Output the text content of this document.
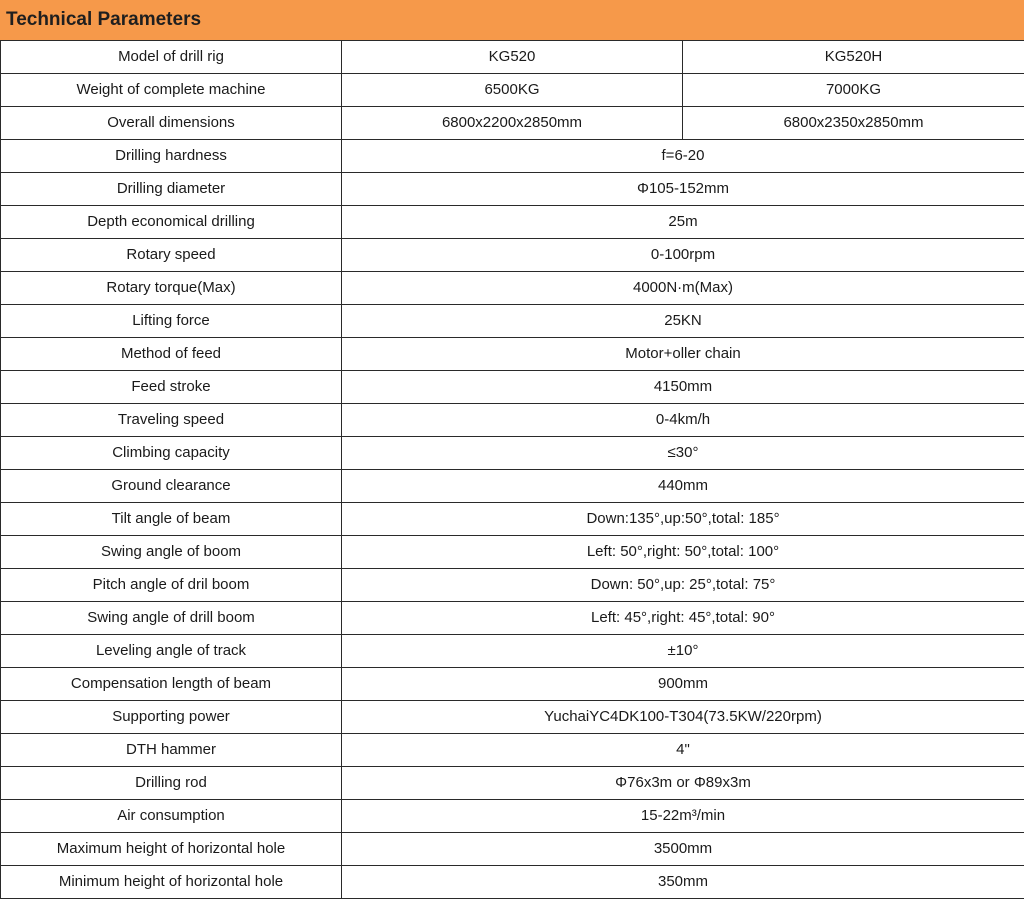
Technical Parameters
Model of drill rig	KG520	KG520H
Weight of complete machine	6500KG	7000KG
Overall dimensions	6800x2200x2850mm	6800x2350x2850mm
Drilling hardness	f=6-20	
Drilling diameter	Φ105-152mm	
Depth economical drilling	25m	
Rotary speed	0-100rpm	
Rotary torque(Max)	4000N·m(Max)	
Lifting force	25KN	
Method of feed	Motor+oller chain	
Feed stroke	4150mm	
Traveling speed	0-4km/h	
Climbing capacity	≤30°	
Ground clearance	440mm	
Tilt angle of beam	Down:135°,up:50°,total: 185°	
Swing angle of boom	Left: 50°,right: 50°,total: 100°	
Pitch angle of dril boom	Down: 50°,up: 25°,total: 75°	
Swing angle of drill boom	Left: 45°,right: 45°,total: 90°	
Leveling angle of track	±10°	
Compensation length of beam	900mm	
Supporting power	YuchaiYC4DK100-T304(73.5KW/220rpm)	
DTH hammer	4"	
Drilling rod	Φ76x3m or Φ89x3m	
Air consumption	15-22m³/min	
Maximum height of horizontal hole	3500mm	
Minimum height of horizontal hole	350mm	
